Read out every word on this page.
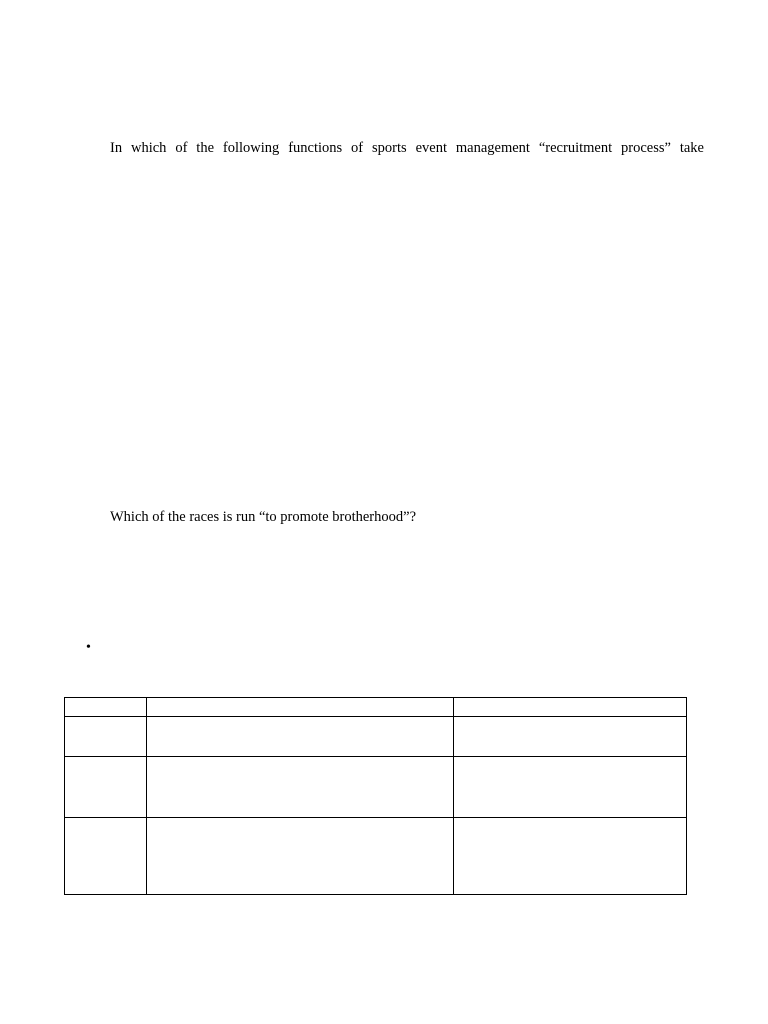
In which of the following functions of sports event management “recruitment process” take
Which of the races is run “to promote brotherhood”?
•
